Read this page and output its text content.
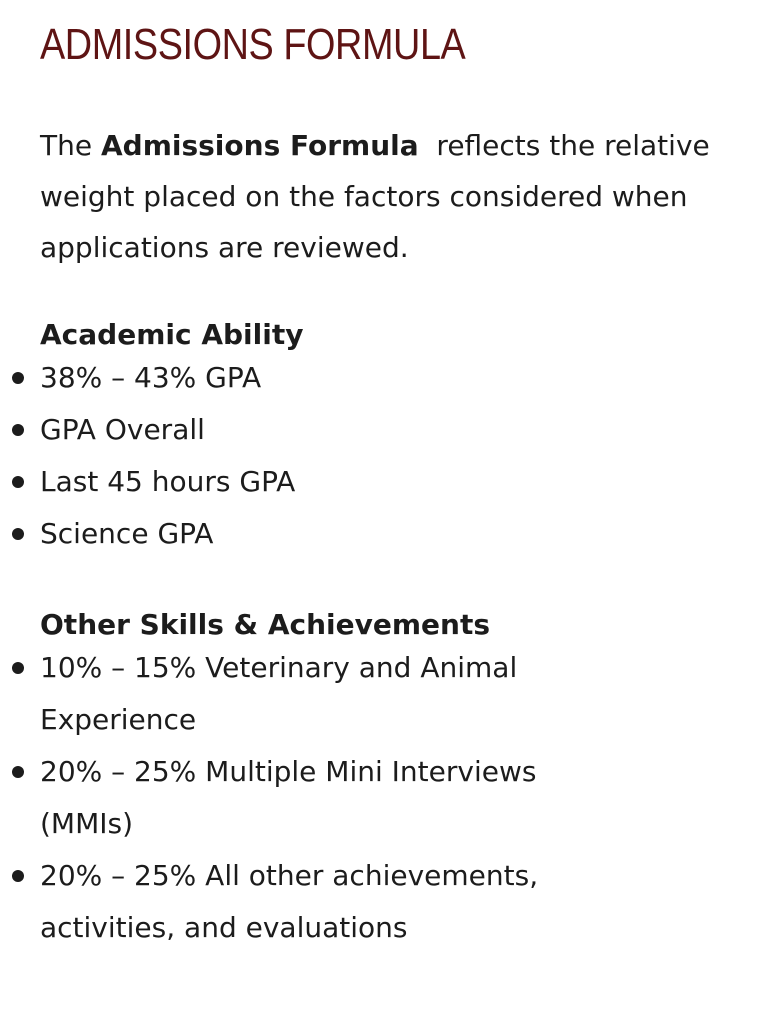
ADMISSIONS FORMULA

The Admissions Formula  reflects the relative weight placed on the factors considered when applications are reviewed.

Academic Ability
38% – 43% GPA
GPA Overall
Last 45 hours GPA
Science GPA
Other Skills & Achievements
10% – 15% Veterinary and Animal Experience
20% – 25% Multiple Mini Interviews (MMIs)
20% – 25% All other achievements, activities, and evaluations
